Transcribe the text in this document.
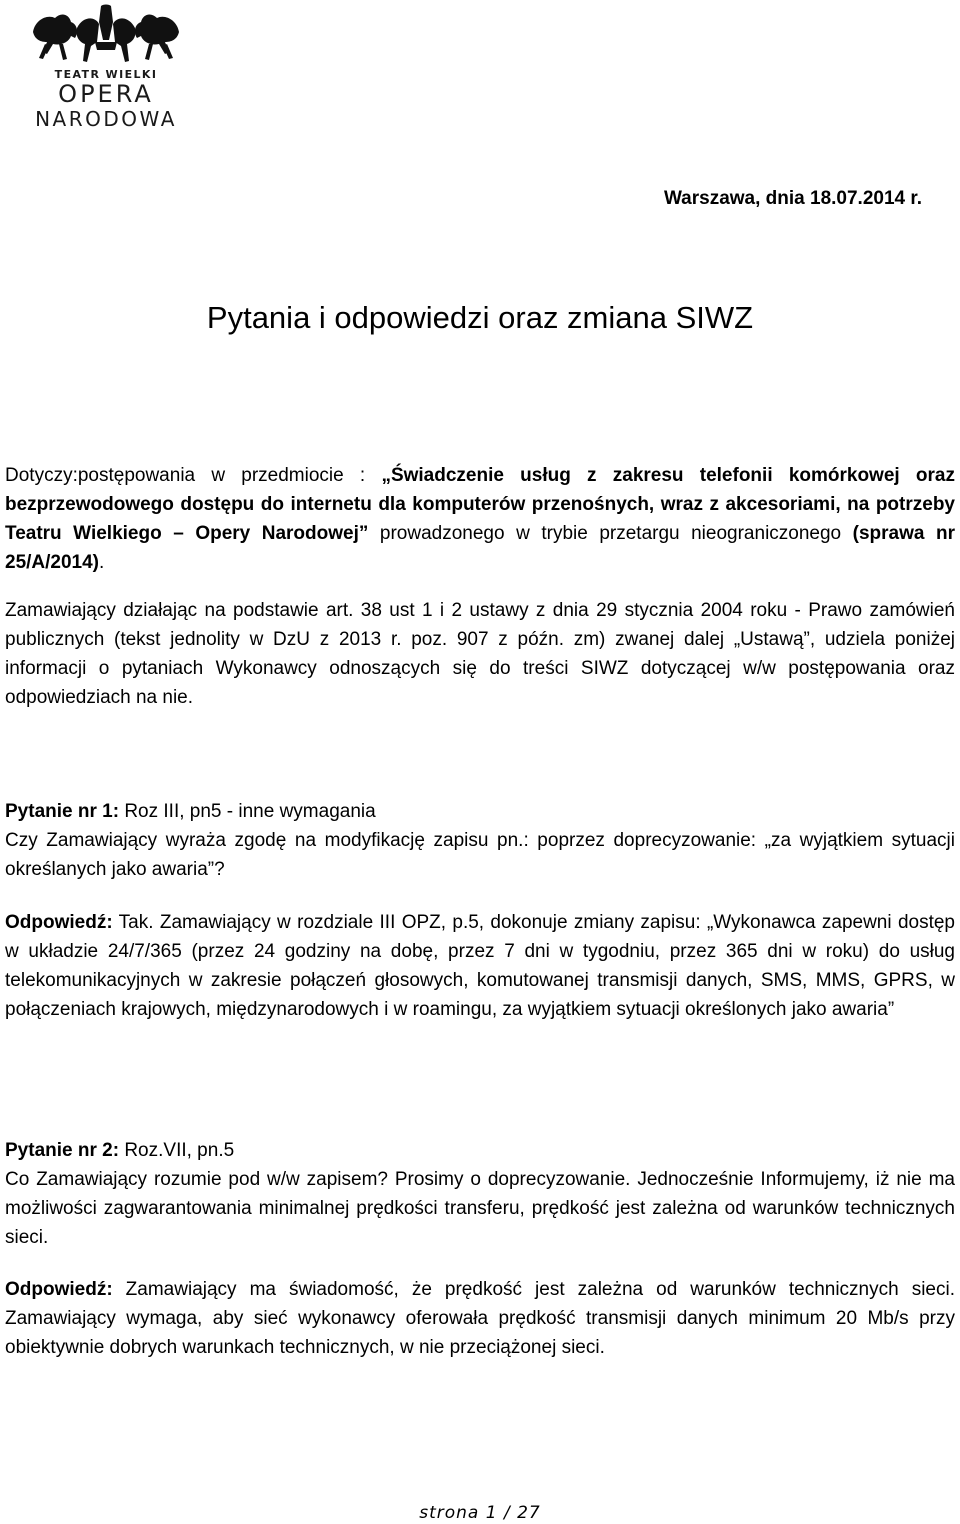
TEATR WIELKI
OPERA
NARODOWA
Warszawa, dnia 18.07.2014 r.
Pytania i odpowiedzi oraz zmiana SIWZ

Dotyczy:postępowania w przedmiocie : „Świadczenie usług z zakresu telefonii komórkowej oraz bezprzewodowego dostępu do internetu dla komputerów przenośnych, wraz z akcesoriami, na potrzeby Teatru Wielkiego – Opery Narodowej” prowadzonego w trybie przetargu nieograniczonego (sprawa nr 25/A/2014).

Zamawiający działając na podstawie art. 38 ust 1 i 2 ustawy z dnia 29 stycznia 2004 roku - Prawo zamówień publicznych (tekst jednolity w DzU z 2013 r. poz. 907 z późn. zm) zwanej dalej „Ustawą”, udziela poniżej informacji o pytaniach Wykonawcy odnoszących się do treści SIWZ dotyczącej w/w postępowania oraz odpowiedziach na nie.

Pytanie nr 1: Roz III, pn5 - inne wymagania

Czy Zamawiający wyraża zgodę na modyfikację zapisu pn.: poprzez doprecyzowanie: „za wyjątkiem sytuacji określanych jako awaria”?

Odpowiedź: Tak. Zamawiający w rozdziale III OPZ, p.5, dokonuje zmiany zapisu: „Wykonawca zapewni dostęp w układzie 24/7/365 (przez 24 godziny na dobę, przez 7 dni w tygodniu, przez 365 dni w roku) do usług telekomunikacyjnych w zakresie połączeń głosowych, komutowanej transmisji danych, SMS, MMS, GPRS, w połączeniach krajowych, międzynarodowych i w roamingu, za wyjątkiem sytuacji określonych jako awaria”

Pytanie nr 2: Roz.VII, pn.5

Co Zamawiający rozumie pod w/w zapisem? Prosimy o doprecyzowanie. Jednocześnie Informujemy, iż nie ma możliwości zagwarantowania minimalnej prędkości transferu, prędkość jest zależna od warunków technicznych sieci.

Odpowiedź: Zamawiający ma świadomość, że prędkość jest zależna od warunków technicznych sieci. Zamawiający wymaga, aby sieć wykonawcy oferowała prędkość transmisji danych minimum 20 Mb/s przy obiektywnie dobrych warunkach technicznych, w nie przeciążonej sieci.

strona 1 / 27
